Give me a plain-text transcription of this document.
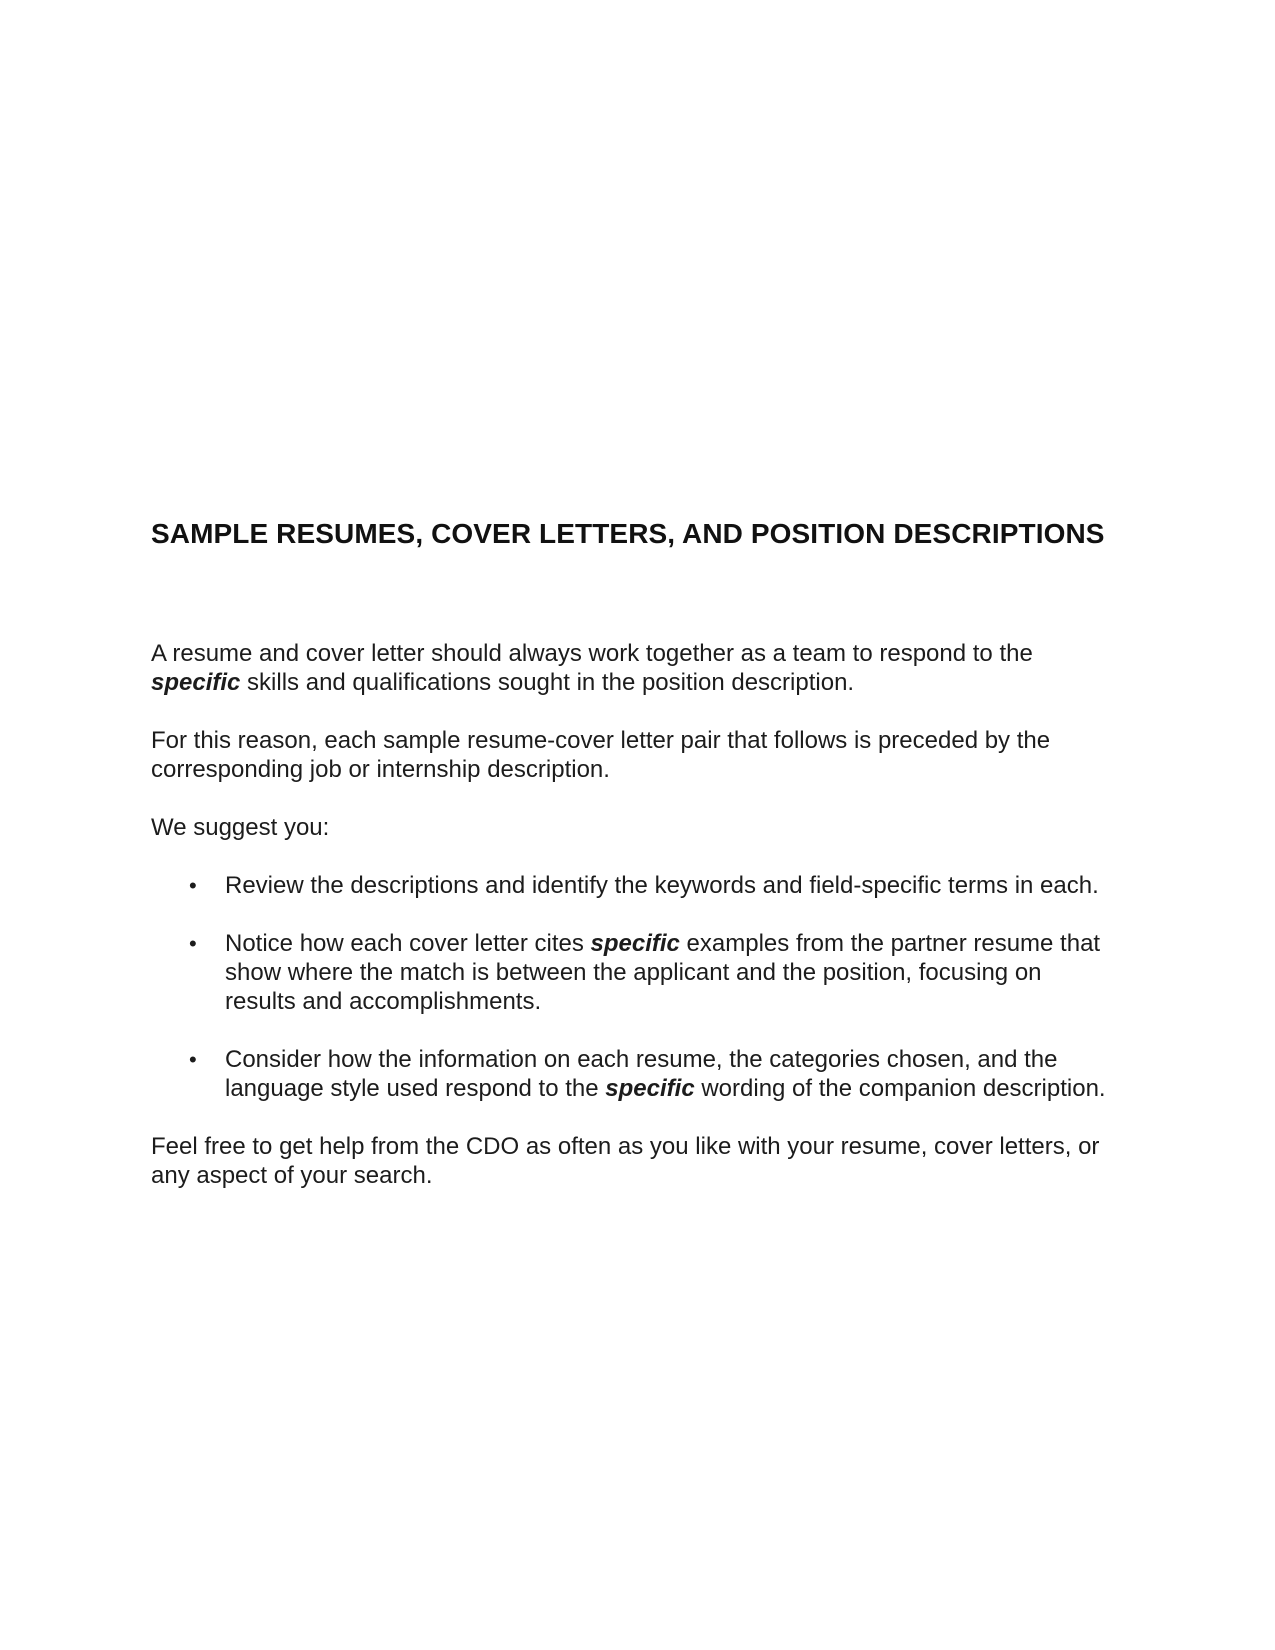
SAMPLE RESUMES, COVER LETTERS, AND POSITION DESCRIPTIONS
A resume and cover letter should always work together as a team to respond to the
specific skills and qualifications sought in the position description.
For this reason, each sample resume-cover letter pair that follows is preceded by the
corresponding job or internship description.
We suggest you:
• Review the descriptions and identify the keywords and field-specific terms in each.
• Notice how each cover letter cites specific examples from the partner resume that
show where the match is between the applicant and the position, focusing on
results and accomplishments.
• Consider how the information on each resume, the categories chosen, and the
language style used respond to the specific wording of the companion description.
Feel free to get help from the CDO as often as you like with your resume, cover letters, or
any aspect of your search.
